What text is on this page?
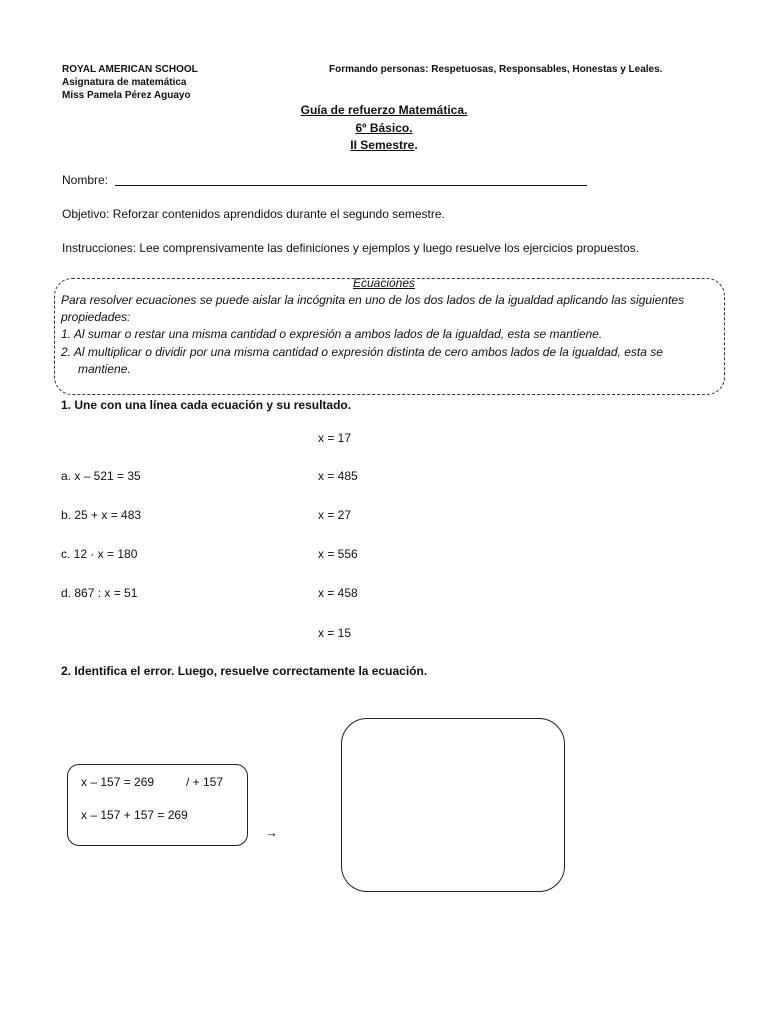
ROYAL AMERICAN SCHOOL
Asignatura de matemática
Miss Pamela Pérez Aguayo
Formando personas: Respetuosas, Responsables, Honestas y Leales.
Guía de refuerzo Matemática.
6º Básico.
II Semestre.
Nombre:
Objetivo: Reforzar contenidos aprendidos durante el segundo semestre.
Instrucciones: Lee comprensivamente las definiciones y ejemplos y luego resuelve los ejercicios propuestos.
Ecuaciones
Para resolver ecuaciones se puede aislar la incógnita en uno de los dos lados de la igualdad aplicando las siguientes
propiedades:
1. Al sumar o restar una misma cantidad o expresión a ambos lados de la igualdad, esta se mantiene.
2. Al multiplicar o dividir por una misma cantidad o expresión distinta de cero ambos lados de la igualdad, esta se
mantiene.
1. Une con una línea cada ecuación y su resultado.
a. x – 521 = 35
b. 25 + x = 483
c. 12 · x = 180
d. 867 : x = 51
x = 17
x = 485
x = 27
x = 556
x = 458
x = 15
2. Identifica el error. Luego, resuelve correctamente la ecuación.
x – 157 = 269	/ + 157
x – 157 + 157 = 269
→
